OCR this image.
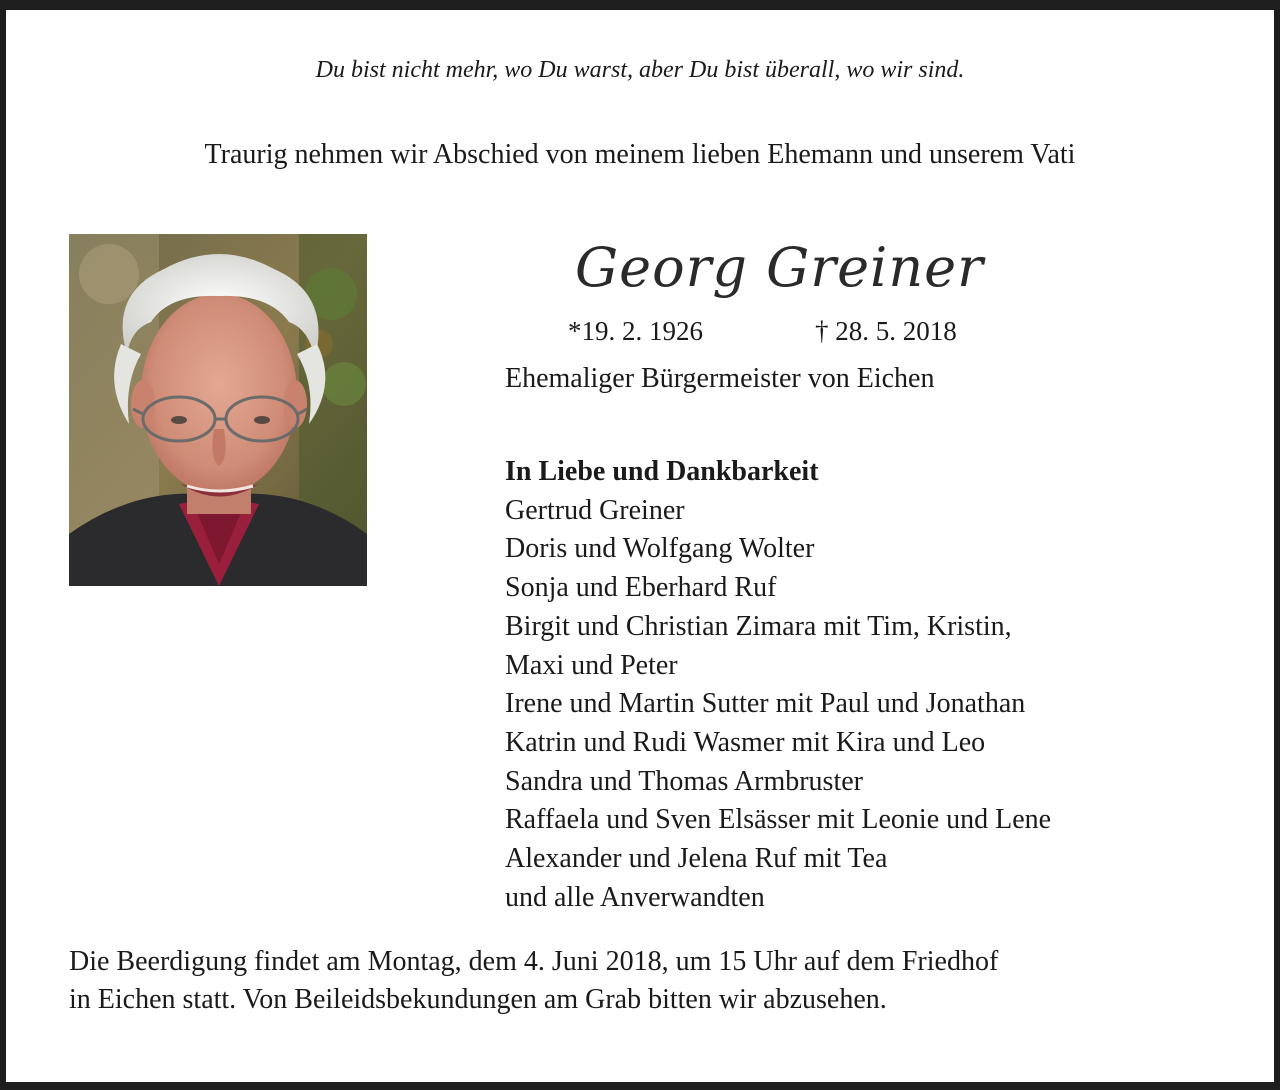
Du bist nicht mehr, wo Du warst, aber Du bist überall, wo wir sind.
Traurig nehmen wir Abschied von meinem lieben Ehemann und unserem Vati
Georg Greiner
*19. 2. 1926	† 28. 5. 2018
Ehemaliger Bürgermeister von Eichen
In Liebe und Dankbarkeit
Gertrud Greiner
Doris und Wolfgang Wolter
Sonja und Eberhard Ruf
Birgit und Christian Zimara mit Tim, Kristin,
Maxi und Peter
Irene und Martin Sutter mit Paul und Jonathan
Katrin und Rudi Wasmer mit Kira und Leo
Sandra und Thomas Armbruster
Raffaela und Sven Elsässer mit Leonie und Lene
Alexander und Jelena Ruf mit Tea
und alle Anverwandten
Die Beerdigung findet am Montag, dem 4. Juni 2018, um 15 Uhr auf dem Friedhof
in Eichen statt. Von Beileidsbekundungen am Grab bitten wir abzusehen.
